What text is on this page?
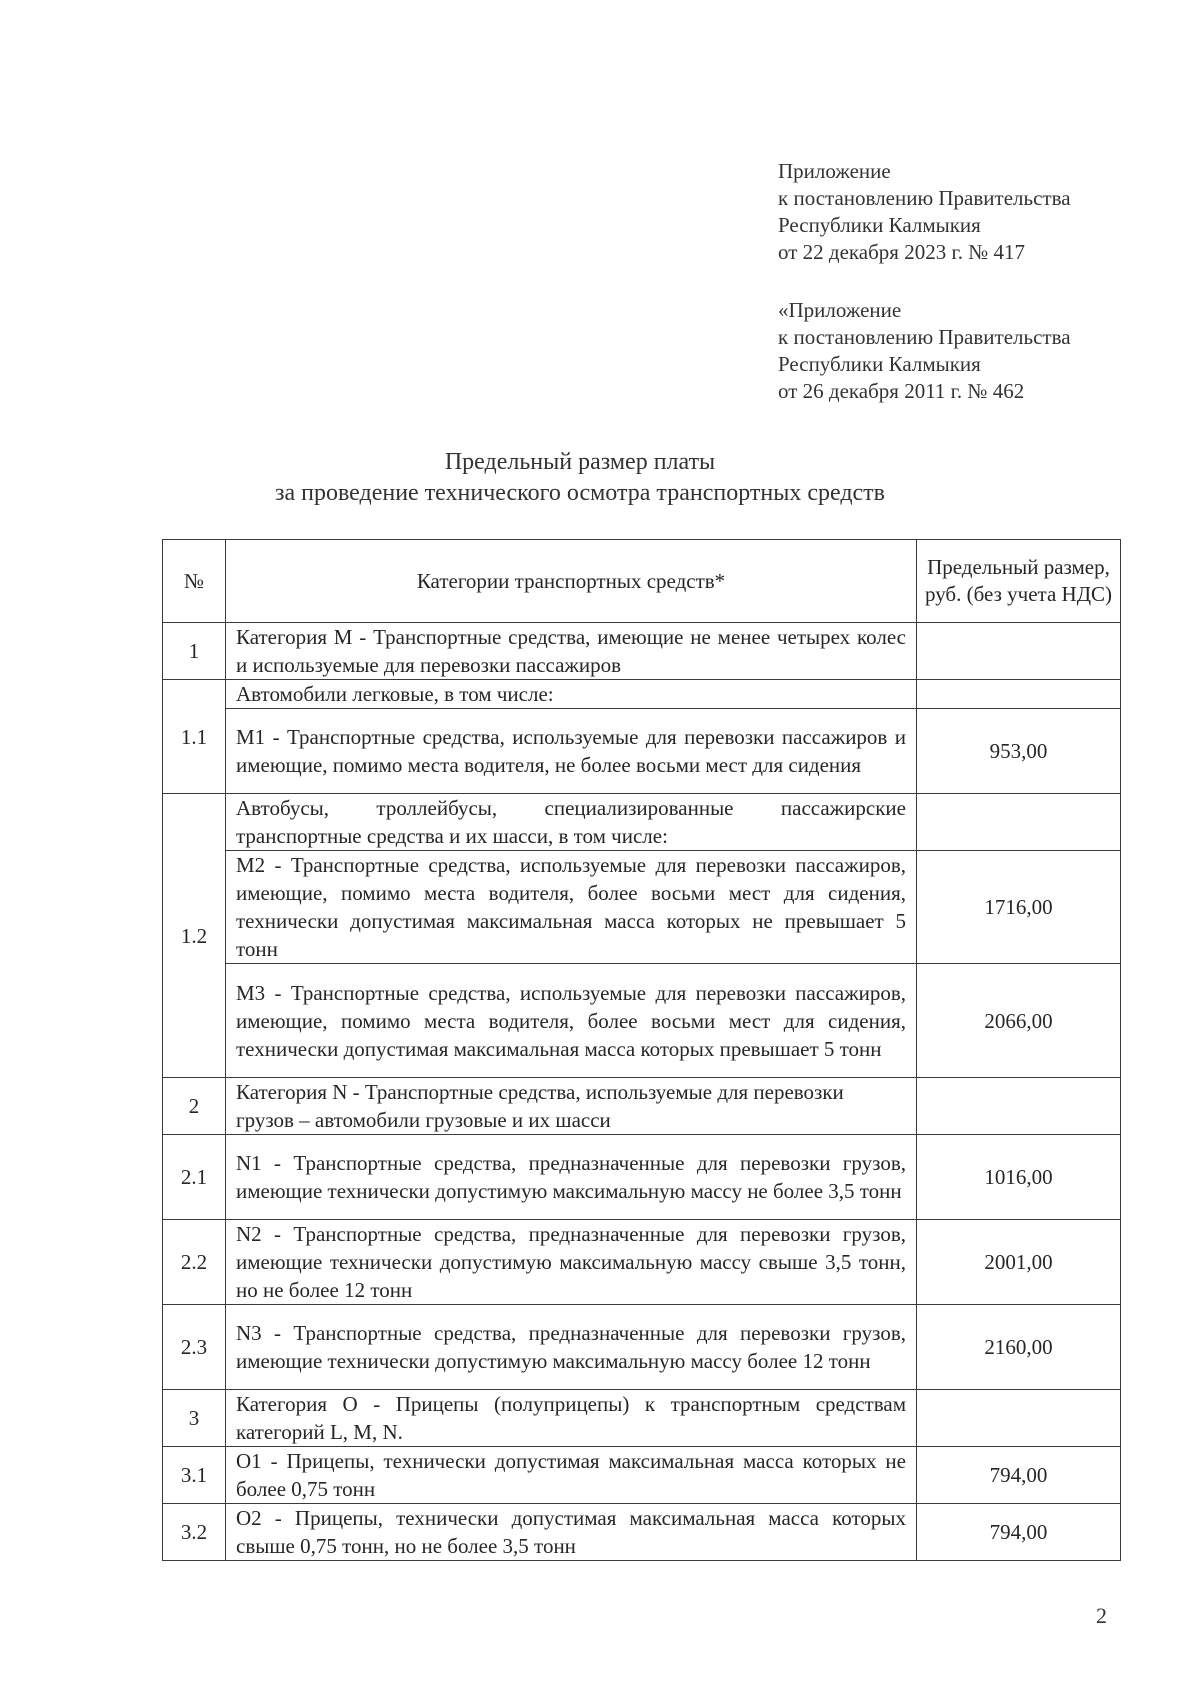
Приложение
к постановлению Правительства
Республики Калмыкия
от 22 декабря 2023 г. № 417
«Приложение
к постановлению Правительства
Республики Калмыкия
от 26 декабря 2011 г. № 462
Предельный размер платы
за проведение технического осмотра транспортных средств
№	Категории транспортных средств*	Предельный размер, руб. (без учета НДС)
1	Категория М - Транспортные средства, имеющие не менее четырех колес и используемые для перевозки пассажиров	
1.1	Автомобили легковые, в том числе:	
	М1 - Транспортные средства, используемые для перевозки пассажиров и имеющие, помимо места водителя, не более восьми мест для сидения	953,00
1.2	Автобусы, троллейбусы, специализированные пассажирские транспортные средства и их шасси, в том числе:	
	М2 - Транспортные средства, используемые для перевозки пассажиров, имеющие, помимо места водителя, более восьми мест для сидения, технически допустимая максимальная масса которых не превышает 5 тонн	1716,00
	М3 - Транспортные средства, используемые для перевозки пассажиров, имеющие, помимо места водителя, более восьми мест для сидения, технически допустимая максимальная масса которых превышает 5 тонн	2066,00
2	Категория N - Транспортные средства, используемые для перевозки грузов – автомобили грузовые и их шасси	
2.1	N1 - Транспортные средства, предназначенные для перевозки грузов, имеющие технически допустимую максимальную массу не более 3,5 тонн	1016,00
2.2	N2 - Транспортные средства, предназначенные для перевозки грузов, имеющие технически допустимую максимальную массу свыше 3,5 тонн, но не более 12 тонн	2001,00
2.3	N3 - Транспортные средства, предназначенные для перевозки грузов, имеющие технически допустимую максимальную массу более 12 тонн	2160,00
3	Категория О - Прицепы (полуприцепы) к транспортным средствам категорий L, M, N.	
3.1	О1 - Прицепы, технически допустимая максимальная масса которых не более 0,75 тонн	794,00
3.2	О2 - Прицепы, технически допустимая максимальная масса которых свыше 0,75 тонн, но не более 3,5 тонн	794,00
2
